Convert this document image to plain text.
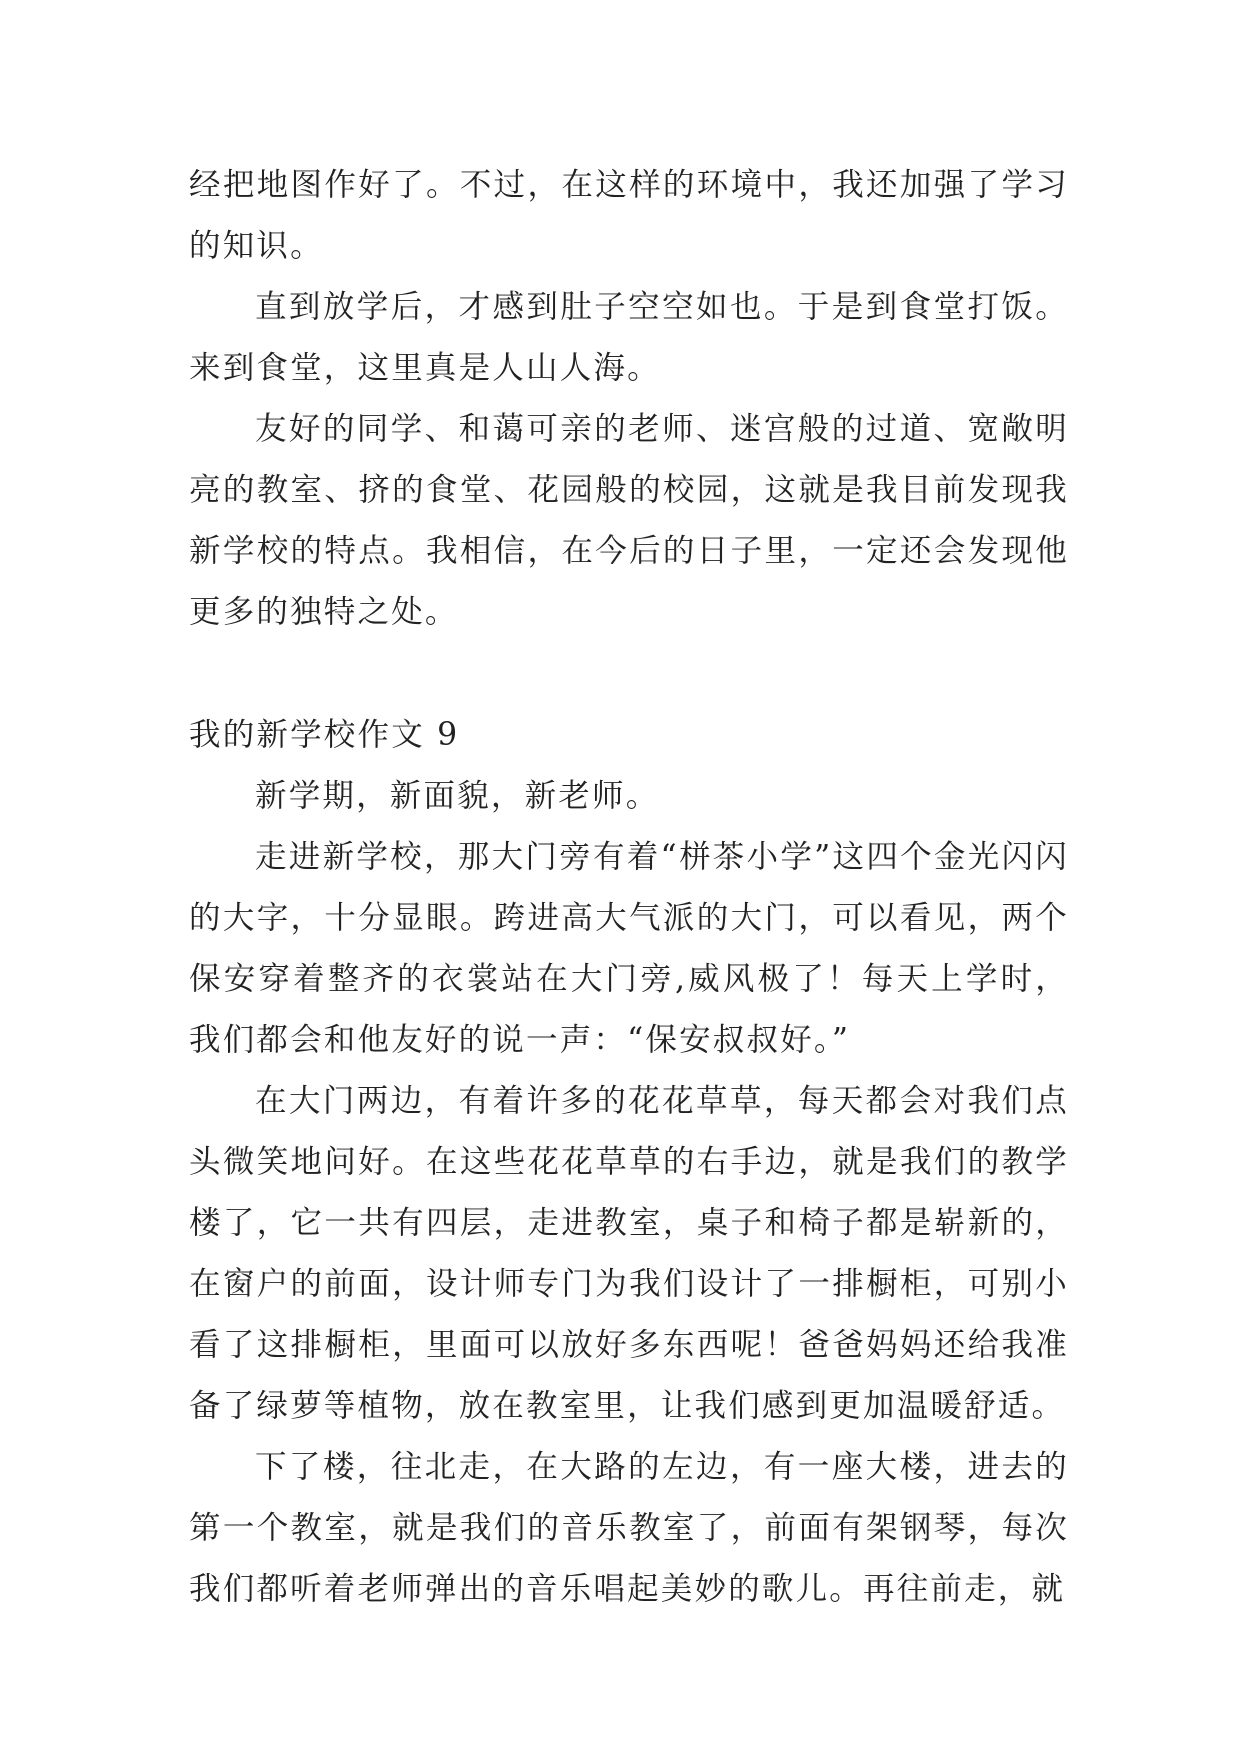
经把地图作好了。不过，在这样的环境中，我还加强了学习的知识。

直到放学后，才感到肚子空空如也。于是到食堂打饭。来到食堂，这里真是人山人海。

友好的同学、和蔼可亲的老师、迷宫般的过道、宽敞明亮的教室、挤的食堂、花园般的校园，这就是我目前发现我新学校的特点。我相信，在今后的日子里，一定还会发现他更多的独特之处。

我的新学校作文 9

新学期，新面貌，新老师。

走进新学校，那大门旁有着“栟茶小学”这四个金光闪闪的大字，十分显眼。跨进高大气派的大门，可以看见，两个保安穿着整齐的衣裳站在大门旁,威风极了！每天上学时，我们都会和他友好的说一声：“保安叔叔好。”

在大门两边，有着许多的花花草草，每天都会对我们点头微笑地问好。在这些花花草草的右手边，就是我们的教学楼了，它一共有四层，走进教室，桌子和椅子都是崭新的，在窗户的前面，设计师专门为我们设计了一排橱柜，可别小看了这排橱柜，里面可以放好多东西呢！爸爸妈妈还给我准备了绿萝等植物，放在教室里，让我们感到更加温暖舒适。

下了楼，往北走，在大路的左边，有一座大楼，进去的第一个教室，就是我们的音乐教室了，前面有架钢琴，每次我们都听着老师弹出的音乐唱起美妙的歌儿。再往前走，就
